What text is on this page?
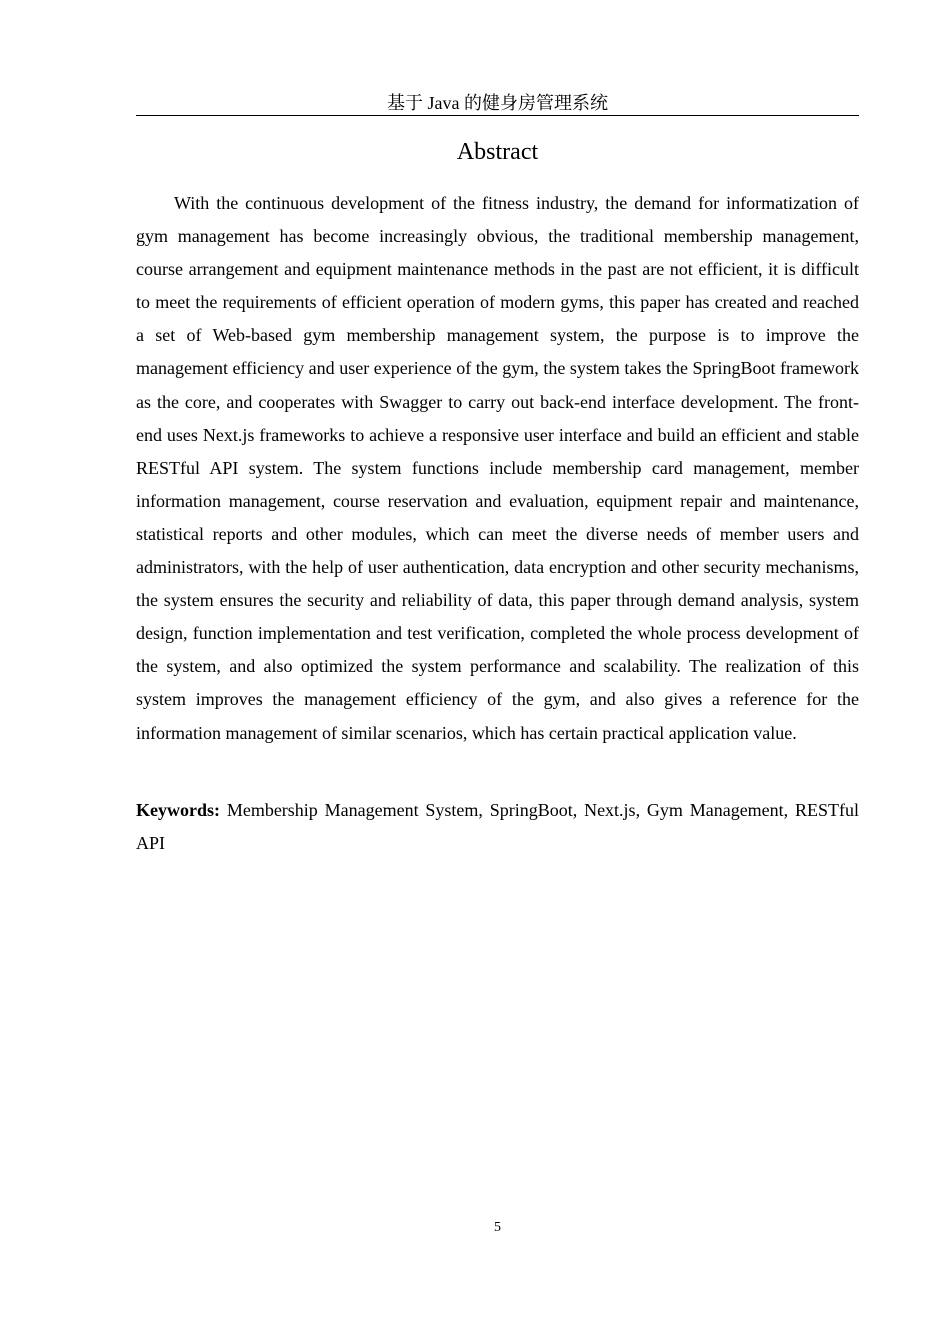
基于 Java 的健身房管理系统
Abstract

With the continuous development of the fitness industry, the demand for informatization of gym management has become increasingly obvious, the traditional membership management, course arrangement and equipment maintenance methods in the past are not efficient, it is difficult to meet the requirements of efficient operation of modern gyms, this paper has created and reached a set of Web-based gym membership management system, the purpose is to improve the management efficiency and user experience of the gym, the system takes the SpringBoot framework as the core, and cooperates with Swagger to carry out back-end interface development. The front-end uses Next.js frameworks to achieve a responsive user interface and build an efficient and stable RESTful API system. The system functions include membership card management, member information management, course reservation and evaluation, equipment repair and maintenance, statistical reports and other modules, which can meet the diverse needs of member users and administrators, with the help of user authentication, data encryption and other security mechanisms, the system ensures the security and reliability of data, this paper through demand analysis, system design, function implementation and test verification, completed the whole process development of the system, and also optimized the system performance and scalability. The realization of this system improves the management efficiency of the gym, and also gives a reference for the information management of similar scenarios, which has certain practical application value.

Keywords: Membership Management System, SpringBoot, Next.js, Gym Management, RESTful API

5
